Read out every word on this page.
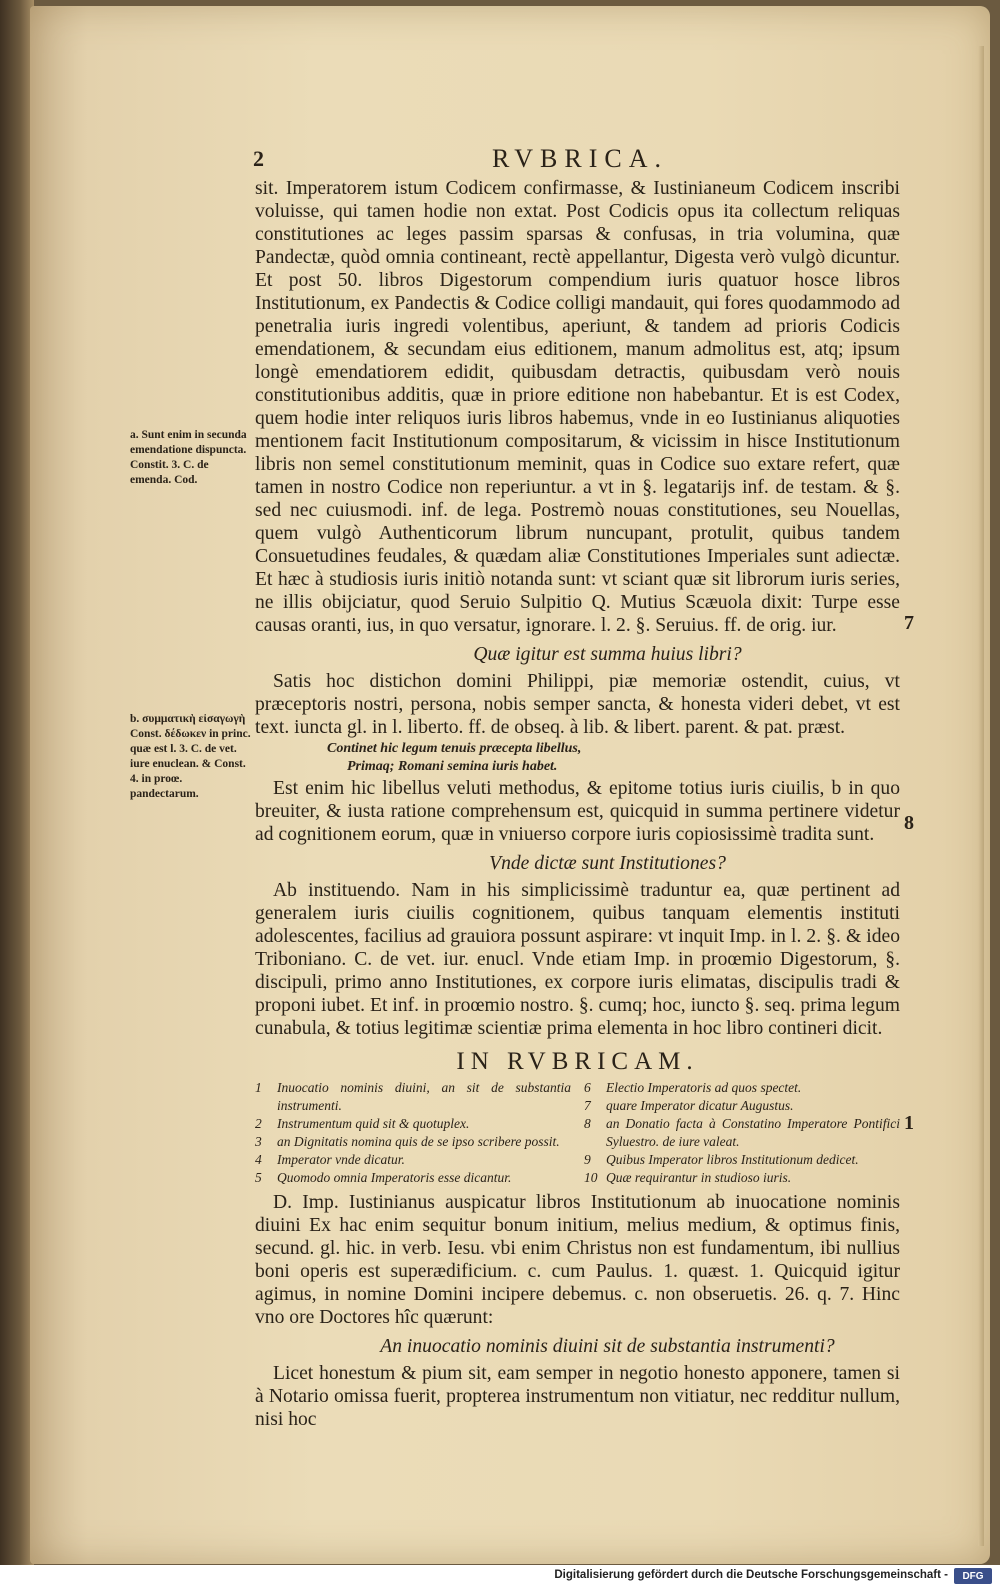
2	RVBRICA.
a. Sunt enim in secunda emendatione dispuncta. Constit. 3. C. de emenda. Cod.
b. συμματικὴ εἰσαγωγὴ Const. δέδωκεν in princ. quæ est l. 3. C. de vet. iure enuclean. & Const. 4. in proœ. pandectarum.
7
8
1

sit. Imperatorem istum Codicem confirmasse, & Iustinianeum Codicem inscribi voluisse, qui tamen hodie non extat. Post Codicis opus ita collectum reliquas constitutiones ac leges passim sparsas & confusas, in tria volumina, quæ Pandectæ, quòd omnia contineant, rectè appellantur, Digesta verò vulgò dicuntur. Et post 50. libros Digestorum compendium iuris quatuor hosce libros Institutionum, ex Pandectis & Codice colligi mandauit, qui fores quodammodo ad penetralia iuris ingredi volentibus, aperiunt, & tandem ad prioris Codicis emendationem, & secundam eius editionem, manum admolitus est, atq; ipsum longè emendatiorem edidit, quibusdam detractis, quibusdam verò nouis constitutionibus additis, quæ in priore editione non habebantur. Et is est Codex, quem hodie inter reliquos iuris libros habemus, vnde in eo Iustinianus aliquoties mentionem facit Institutionum compositarum, & vicissim in hisce Institutionum libris non semel constitutionum meminit, quas in Codice suo extare refert, quæ tamen in nostro Codice non reperiuntur. a vt in §. legatarijs inf. de testam. & §. sed nec cuiusmodi. inf. de lega. Postremò nouas constitutiones, seu Nouellas, quem vulgò Authenticorum librum nuncupant, protulit, quibus tandem Consuetudines feudales, & quædam aliæ Constitutiones Imperiales sunt adiectæ. Et hæc à studiosis iuris initiò notanda sunt: vt sciant quæ sit librorum iuris series, ne illis obijciatur, quod Seruio Sulpitio Q. Mutius Scæuola dixit: Turpe esse causas oranti, ius, in quo versatur, ignorare. l. 2. §. Seruius. ff. de orig. iur.

Quæ igitur est summa huius libri?

Satis hoc distichon domini Philippi, piæ memoriæ ostendit, cuius, vt præceptoris nostri, persona, nobis semper sancta, & honesta videri debet, vt est text. iuncta gl. in l. liberto. ff. de obseq. à lib. & libert. parent. & pat. præst.

Continet hic legum tenuis præcepta libellus,
Primaq; Romani semina iuris habet.

Est enim hic libellus veluti methodus, & epitome totius iuris ciuilis, b in quo breuiter, & iusta ratione comprehensum est, quicquid in summa pertinere videtur ad cognitionem eorum, quæ in vniuerso corpore iuris copiosissimè tradita sunt.

Vnde dictæ sunt Institutiones?

Ab instituendo. Nam in his simplicissimè traduntur ea, quæ pertinent ad generalem iuris ciuilis cognitionem, quibus tanquam elementis instituti adolescentes, facilius ad grauiora possunt aspirare: vt inquit Imp. in l. 2. §. & ideo Triboniano. C. de vet. iur. enucl. Vnde etiam Imp. in proœmio Digestorum, §. discipuli, primo anno Institutiones, ex corpore iuris elimatas, discipulis tradi & proponi iubet. Et inf. in proœmio nostro. §. cumq; hoc, iuncto §. seq. prima legum cunabula, & totius legitimæ scientiæ prima elementa in hoc libro contineri dicit.

IN RVBRICAM.
1	Inuocatio nominis diuini, an sit de substantia instrumenti.
2	Instrumentum quid sit & quotuplex.
3	an Dignitatis nomina quis de se ipso scribere possit.
4	Imperator vnde dicatur.
5	Quomodo omnia Imperatoris esse dicantur.
6	Electio Imperatoris ad quos spectet.
7	quare Imperator dicatur Augustus.
8	an Donatio facta à Constatino Imperatore Pontifici Syluestro. de iure valeat.
9	Quibus Imperator libros Institutionum dedicet.
10 Quæ requirantur in studioso iuris.

D. Imp. Iustinianus auspicatur libros Institutionum ab inuocatione nominis diuini Ex hac enim sequitur bonum initium, melius medium, & optimus finis, secund. gl. hic. in verb. Iesu. vbi enim Christus non est fundamentum, ibi nullius boni operis est superædificium. c. cum Paulus. 1. quæst. 1. Quicquid igitur agimus, in nomine Domini incipere debemus. c. non obseruetis. 26. q. 7. Hinc vno ore Doctores hîc quærunt:

An inuocatio nominis diuini sit de substantia instrumenti?

Licet honestum & pium sit, eam semper in negotio honesto apponere, tamen si à Notario omissa fuerit, propterea instrumentum non vitiatur, nec redditur nullum, nisi hoc

Digitalisierung gefördert durch die Deutsche Forschungsgemeinschaft -	DFG
